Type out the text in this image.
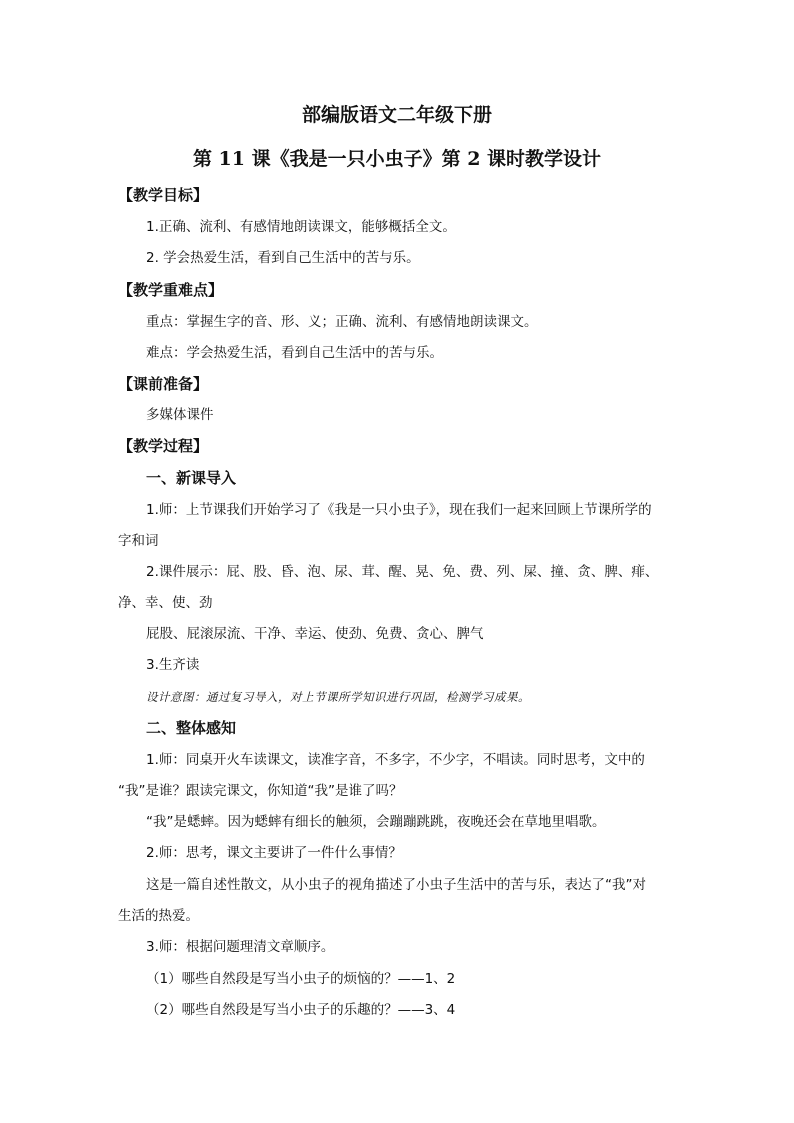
部编版语文二年级下册
第 11 课《我是一只小虫子》第 2 课时教学设计
【教学目标】
1.正确、流利、有感情地朗读课文，能够概括全文。
2. 学会热爱生活，看到自己生活中的苦与乐。
【教学重难点】
重点：掌握生字的音、形、义；正确、流利、有感情地朗读课文。
难点：学会热爱生活，看到自己生活中的苦与乐。
【课前准备】
多媒体课件
【教学过程】
一、新课导入
1.师：上节课我们开始学习了《我是一只小虫子》，现在我们一起来回顾上节课所学的
字和词
2.课件展示：屁、股、昏、泡、尿、茸、醒、晃、免、费、列、屎、撞、贪、脾、痱、
净、幸、使、劲
屁股、屁滚尿流、干净、幸运、使劲、免费、贪心、脾气
3.生齐读
设计意图：通过复习导入，对上节课所学知识进行巩固，检测学习成果。
二、整体感知
1.师：同桌开火车读课文，读准字音，不多字，不少字，不唱读。同时思考，文中的
“我”是谁？跟读完课文，你知道“我”是谁了吗？
“我”是蟋蟀。因为蟋蟀有细长的触须，会蹦蹦跳跳，夜晚还会在草地里唱歌。
2.师：思考，课文主要讲了一件什么事情？
这是一篇自述性散文，从小虫子的视角描述了小虫子生活中的苦与乐，表达了“我”对
生活的热爱。
3.师：根据问题理清文章顺序。
（1）哪些自然段是写当小虫子的烦恼的？——1、2
（2）哪些自然段是写当小虫子的乐趣的？——3、4
